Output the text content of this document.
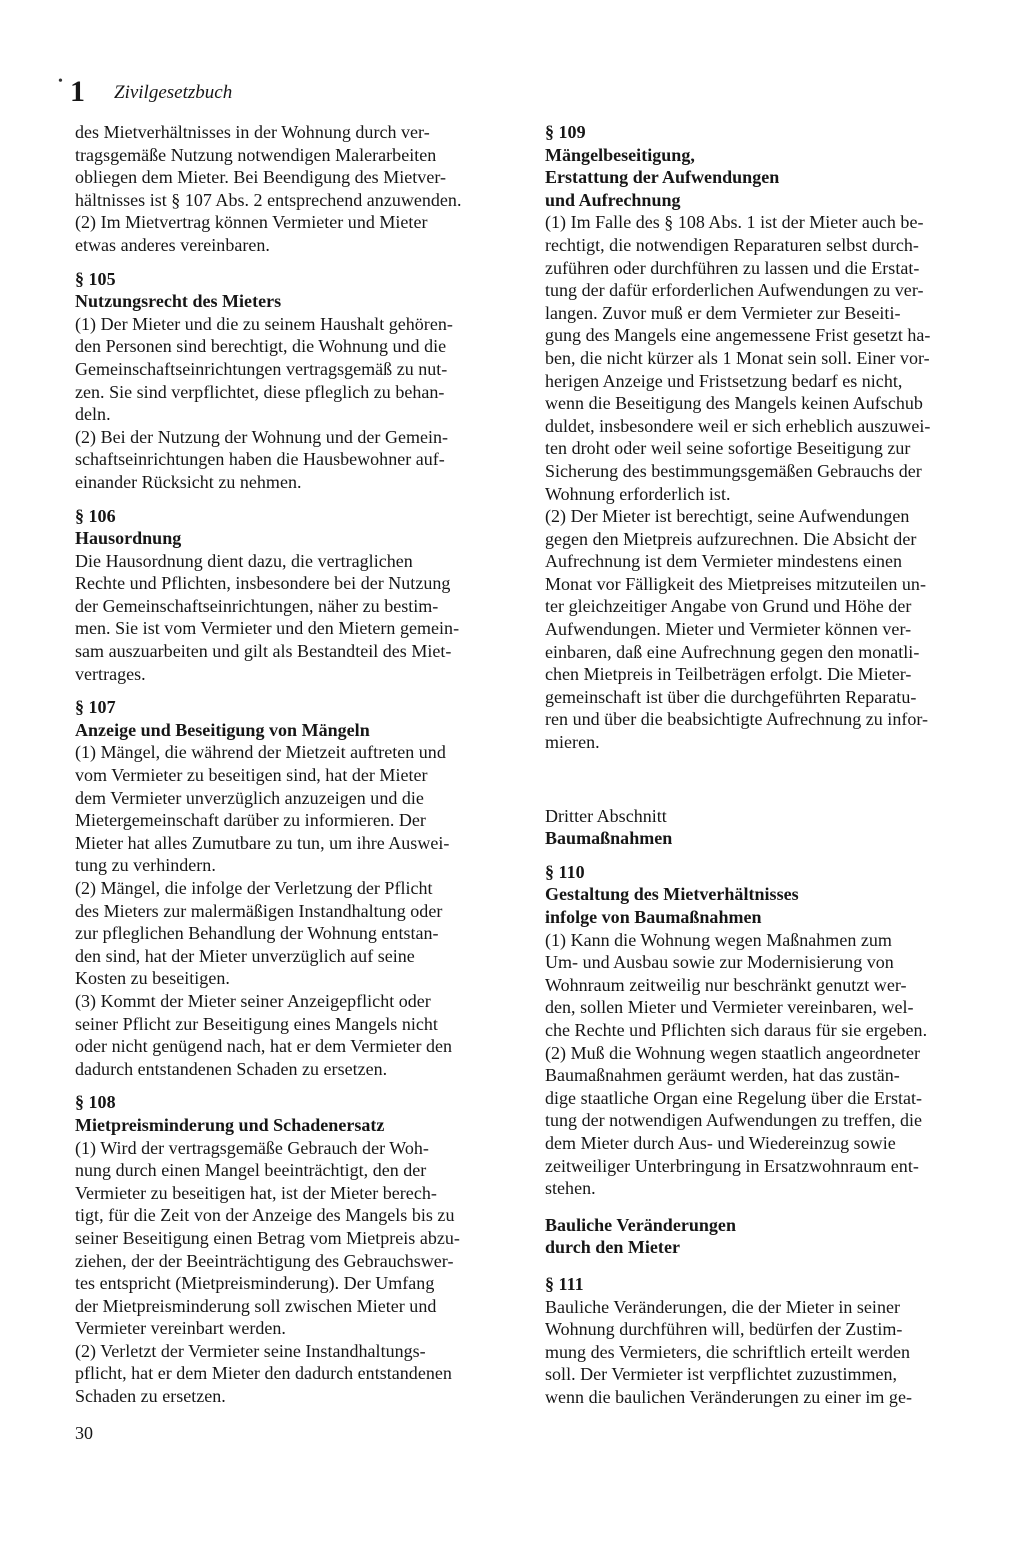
• 1 Zivilgesetzbuch

des Mietverhältnisses in der Wohnung durch ver-

tragsgemäße Nutzung notwendigen Malerarbeiten

obliegen dem Mieter. Bei Beendigung des Mietver-

hältnisses ist § 107 Abs. 2 entsprechend anzuwenden.

(2) Im Mietvertrag können Vermieter und Mieter

etwas anderes vereinbaren.

§ 105

Nutzungsrecht des Mieters

(1) Der Mieter und die zu seinem Haushalt gehören-

den Personen sind berechtigt, die Wohnung und die

Gemeinschaftseinrichtungen vertragsgemäß zu nut-

zen. Sie sind verpflichtet, diese pfleglich zu behan-

deln.

(2) Bei der Nutzung der Wohnung und der Gemein-

schaftseinrichtungen haben die Hausbewohner auf-

einander Rücksicht zu nehmen.

§ 106

Hausordnung

Die Hausordnung dient dazu, die vertraglichen

Rechte und Pflichten, insbesondere bei der Nutzung

der Gemeinschaftseinrichtungen, näher zu bestim-

men. Sie ist vom Vermieter und den Mietern gemein-

sam auszuarbeiten und gilt als Bestandteil des Miet-

vertrages.

§ 107

Anzeige und Beseitigung von Mängeln

(1) Mängel, die während der Mietzeit auftreten und

vom Vermieter zu beseitigen sind, hat der Mieter

dem Vermieter unverzüglich anzuzeigen und die

Mietergemeinschaft darüber zu informieren. Der

Mieter hat alles Zumutbare zu tun, um ihre Auswei-

tung zu verhindern.

(2) Mängel, die infolge der Verletzung der Pflicht

des Mieters zur malermäßigen Instandhaltung oder

zur pfleglichen Behandlung der Wohnung entstan-

den sind, hat der Mieter unverzüglich auf seine

Kosten zu beseitigen.

(3) Kommt der Mieter seiner Anzeigepflicht oder

seiner Pflicht zur Beseitigung eines Mangels nicht

oder nicht genügend nach, hat er dem Vermieter den

dadurch entstandenen Schaden zu ersetzen.

§ 108

Mietpreisminderung und Schadenersatz

(1) Wird der vertragsgemäße Gebrauch der Woh-

nung durch einen Mangel beeinträchtigt, den der

Vermieter zu beseitigen hat, ist der Mieter berech-

tigt, für die Zeit von der Anzeige des Mangels bis zu

seiner Beseitigung einen Betrag vom Mietpreis abzu-

ziehen, der der Beeinträchtigung des Gebrauchswer-

tes entspricht (Mietpreisminderung). Der Umfang

der Mietpreisminderung soll zwischen Mieter und

Vermieter vereinbart werden.

(2) Verletzt der Vermieter seine Instandhaltungs-

pflicht, hat er dem Mieter den dadurch entstandenen

Schaden zu ersetzen.

§ 109

Mängelbeseitigung,

Erstattung der Aufwendungen

und Aufrechnung

(1) Im Falle des § 108 Abs. 1 ist der Mieter auch be-

rechtigt, die notwendigen Reparaturen selbst durch-

zuführen oder durchführen zu lassen und die Erstat-

tung der dafür erforderlichen Aufwendungen zu ver-

langen. Zuvor muß er dem Vermieter zur Beseiti-

gung des Mangels eine angemessene Frist gesetzt ha-

ben, die nicht kürzer als 1 Monat sein soll. Einer vor-

herigen Anzeige und Fristsetzung bedarf es nicht,

wenn die Beseitigung des Mangels keinen Aufschub

duldet, insbesondere weil er sich erheblich auszuwei-

ten droht oder weil seine sofortige Beseitigung zur

Sicherung des bestimmungsgemäßen Gebrauchs der

Wohnung erforderlich ist.

(2) Der Mieter ist berechtigt, seine Aufwendungen

gegen den Mietpreis aufzurechnen. Die Absicht der

Aufrechnung ist dem Vermieter mindestens einen

Monat vor Fälligkeit des Mietpreises mitzuteilen un-

ter gleichzeitiger Angabe von Grund und Höhe der

Aufwendungen. Mieter und Vermieter können ver-

einbaren, daß eine Aufrechnung gegen den monatli-

chen Mietpreis in Teilbeträgen erfolgt. Die Mieter-

gemeinschaft ist über die durchgeführten Reparatu-

ren und über die beabsichtigte Aufrechnung zu infor-

mieren.

Dritter Abschnitt

Baumaßnahmen

§ 110

Gestaltung des Mietverhältnisses

infolge von Baumaßnahmen

(1) Kann die Wohnung wegen Maßnahmen zum

Um- und Ausbau sowie zur Modernisierung von

Wohnraum zeitweilig nur beschränkt genutzt wer-

den, sollen Mieter und Vermieter vereinbaren, wel-

che Rechte und Pflichten sich daraus für sie ergeben.

(2) Muß die Wohnung wegen staatlich angeordneter

Baumaßnahmen geräumt werden, hat das zustän-

dige staatliche Organ eine Regelung über die Erstat-

tung der notwendigen Aufwendungen zu treffen, die

dem Mieter durch Aus- und Wiedereinzug sowie

zeitweiliger Unterbringung in Ersatzwohnraum ent-

stehen.

Bauliche Veränderungen

durch den Mieter

§ 111

Bauliche Veränderungen, die der Mieter in seiner

Wohnung durchführen will, bedürfen der Zustim-

mung des Vermieters, die schriftlich erteilt werden

soll. Der Vermieter ist verpflichtet zuzustimmen,

wenn die baulichen Veränderungen zu einer im ge-

30
